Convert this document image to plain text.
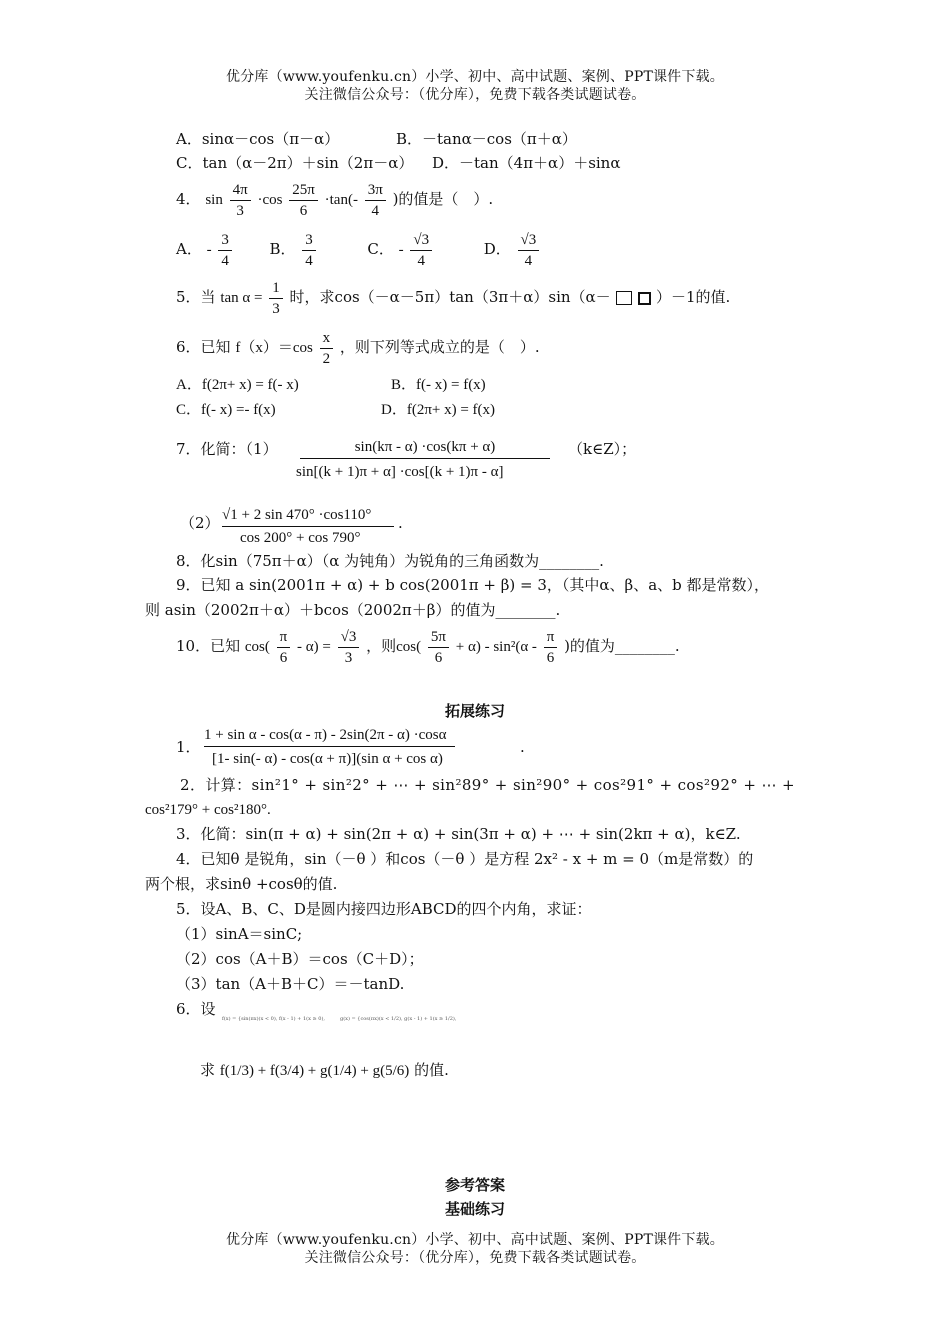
优分库（www.youfenku.cn）小学、初中、高中试题、案例、PPT课件下载。
关注微信公众号：（优分库），免费下载各类试题试卷。
A．sinα－cos（π－α）	B．－tanα－cos（π＋α）
C．tan（α－2π）＋sin（2π－α） D．－tan（4π＋α）＋sinα
4． $\sin \frac{4\pi}{3} \cdot\cos \frac{25\pi}{6} \cdot\tan(- \frac{3\pi}{4}$ )的值是（　）.
A． - $\frac{3}{4}$	B． $\frac{3}{4}$	C． - $\frac{√3}{4}$	D． $\frac{√3}{4}$
5．当 $\tan \alpha = \frac{1}{3}$ 时，求cos（－α－5π）tan（3π＋α）sin（α－	）－1的值.
6．已知 $f(x)=\cos \frac{x}{2}$ ，则下列等式成立的是（　）.
A．f(2π+ x) = f(- x)	B．f(- x) = f(x)
C．f(- x) =- f(x)	D．f(2π+ x) = f(x)
7．化简：（1）	sin(kπ - α) ·cos(kπ + α)
sin[(k + 1)π + α] ·cos[(k + 1)π - α]
（k∈Z）；
（2） √1 + 2 sin 470° ·cos110°
cos 200° + cos 790°
.
8．化sin（75π＋α）（α 为钝角）为锐角的三角函数为________.
9．已知 a sin(2001π + α) + b cos(2001π + β) = 3，（其中α、β、a、b 都是常数），
则 asin（2002π＋α）＋bcos（2002π＋β）的值为________.
10．已知 $\cos( \frac{\pi}{6} - \alpha) = \frac{√3}{3}$ ，则$\cos( \frac{5\pi}{6} + \alpha) - \sin^2(\alpha - \frac{\pi}{6}$ )的值为________.
拓展练习
1．
1 + sin α - cos(α - π) - 2sin(2π - α) ·cosα
[1- sin(- α) - cos(α + π)](sin α + cos α)
.
2．计算：sin²1° + sin²2° + ⋯ + sin²89° + sin²90° + cos²91° + cos²92° + ⋯ +
cos²179° + cos²180°.
3．化简：sin(π + α) + sin(2π + α) + sin(3π + α) + ⋯ + sin(2kπ + α)，k∈Z.
4．已知θ 是锐角，sin（－θ ）和cos（－θ ）是方程 2x² - x + m = 0（m是常数）的
两个根，求sinθ +cosθ的值.
5．设A、B、C、D是圆内接四边形ABCD的四个内角，求证：
（1）sinA＝sinC;
（2）cos（A＋B）＝cos（C＋D）；
（3）tan（A＋B＋C）＝－tanD.
6．设
f(x) = {sin(πx)(x < 0), f(x - 1) + 1(x ≥ 0),	g(x) = {cos(πx)(x < 1/2), g(x - 1) + 1(x ≥ 1/2),
求 f(1/3) + f(3/4) + g(1/4) + g(5/6) 的值.
参考答案
基础练习
优分库（www.youfenku.cn）小学、初中、高中试题、案例、PPT课件下载。
关注微信公众号：（优分库），免费下载各类试题试卷。
